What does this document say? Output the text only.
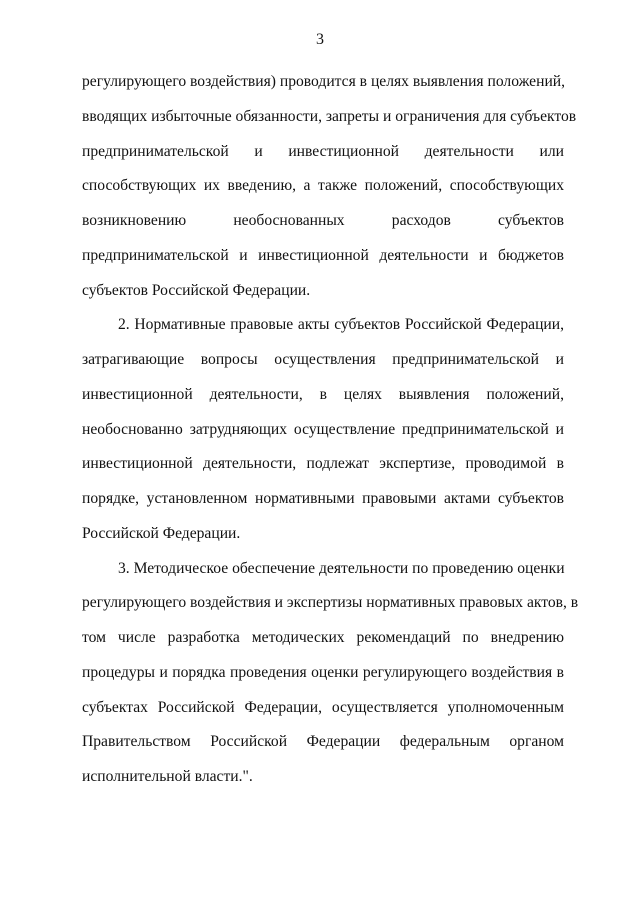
3
регулирующего воздействия) проводится в целях выявления положений,
вводящих избыточные обязанности, запреты и ограничения для субъектов
предпринимательской и инвестиционной деятельности или
способствующих их введению, а также положений, способствующих
возникновению необоснованных расходов субъектов
предпринимательской и инвестиционной деятельности и бюджетов
субъектов Российской Федерации.
2. Нормативные правовые акты субъектов Российской Федерации,
затрагивающие вопросы осуществления предпринимательской и
инвестиционной деятельности, в целях выявления положений,
необоснованно затрудняющих осуществление предпринимательской и
инвестиционной деятельности, подлежат экспертизе, проводимой в
порядке, установленном нормативными правовыми актами субъектов
Российской Федерации.
3. Методическое обеспечение деятельности по проведению оценки
регулирующего воздействия и экспертизы нормативных правовых актов, в
том числе разработка методических рекомендаций по внедрению
процедуры и порядка проведения оценки регулирующего воздействия в
субъектах Российской Федерации, осуществляется уполномоченным
Правительством Российской Федерации федеральным органом
исполнительной власти.".
